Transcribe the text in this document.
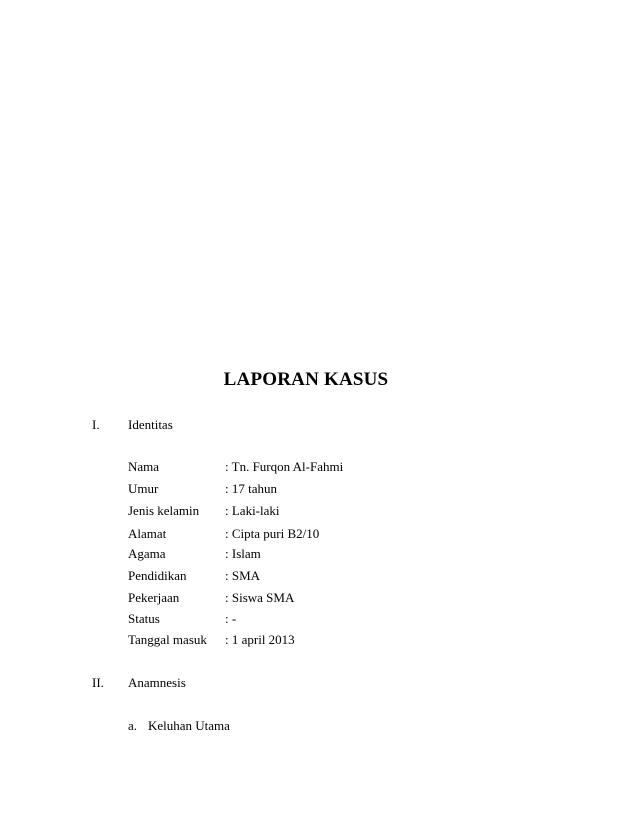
LAPORAN KASUS
I. Identitas
Nama	: Tn. Furqon Al-Fahmi
Umur	: 17 tahun
Jenis kelamin : Laki-laki
Alamat	: Cipta puri B2/10
Agama	: Islam
Pendidikan	: SMA
Pekerjaan	: Siswa SMA
Status	: -
Tanggal masuk : 1 april 2013
II. Anamnesis
a. Keluhan Utama
